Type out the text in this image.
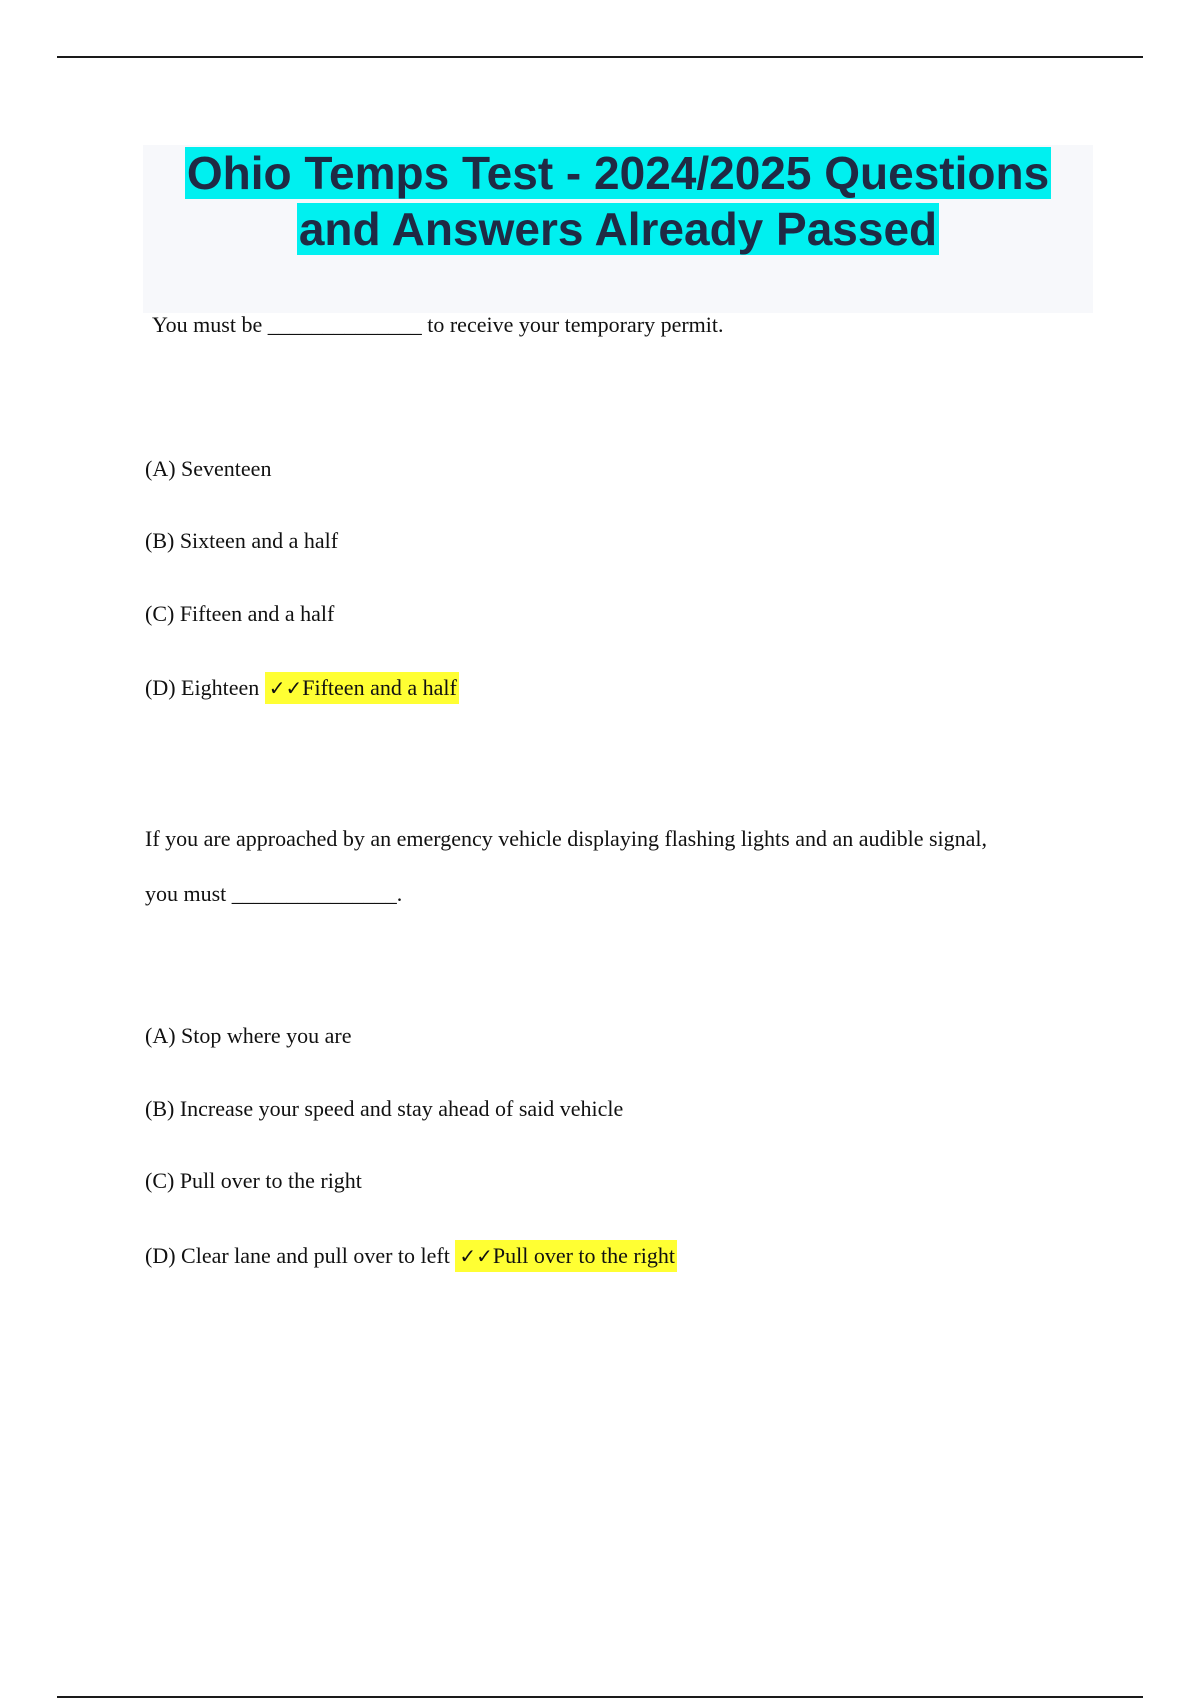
Ohio Temps Test - 2024/2025 Questions
and Answers Already Passed
You must be ______________ to receive your temporary permit.
(A) Seventeen
(B) Sixteen and a half
(C) Fifteen and a half
(D) Eighteen ✓✓Fifteen and a half
If you are approached by an emergency vehicle displaying flashing lights and an audible signal,
you must _______________.
(A) Stop where you are
(B) Increase your speed and stay ahead of said vehicle
(C) Pull over to the right
(D) Clear lane and pull over to left ✓✓Pull over to the right
